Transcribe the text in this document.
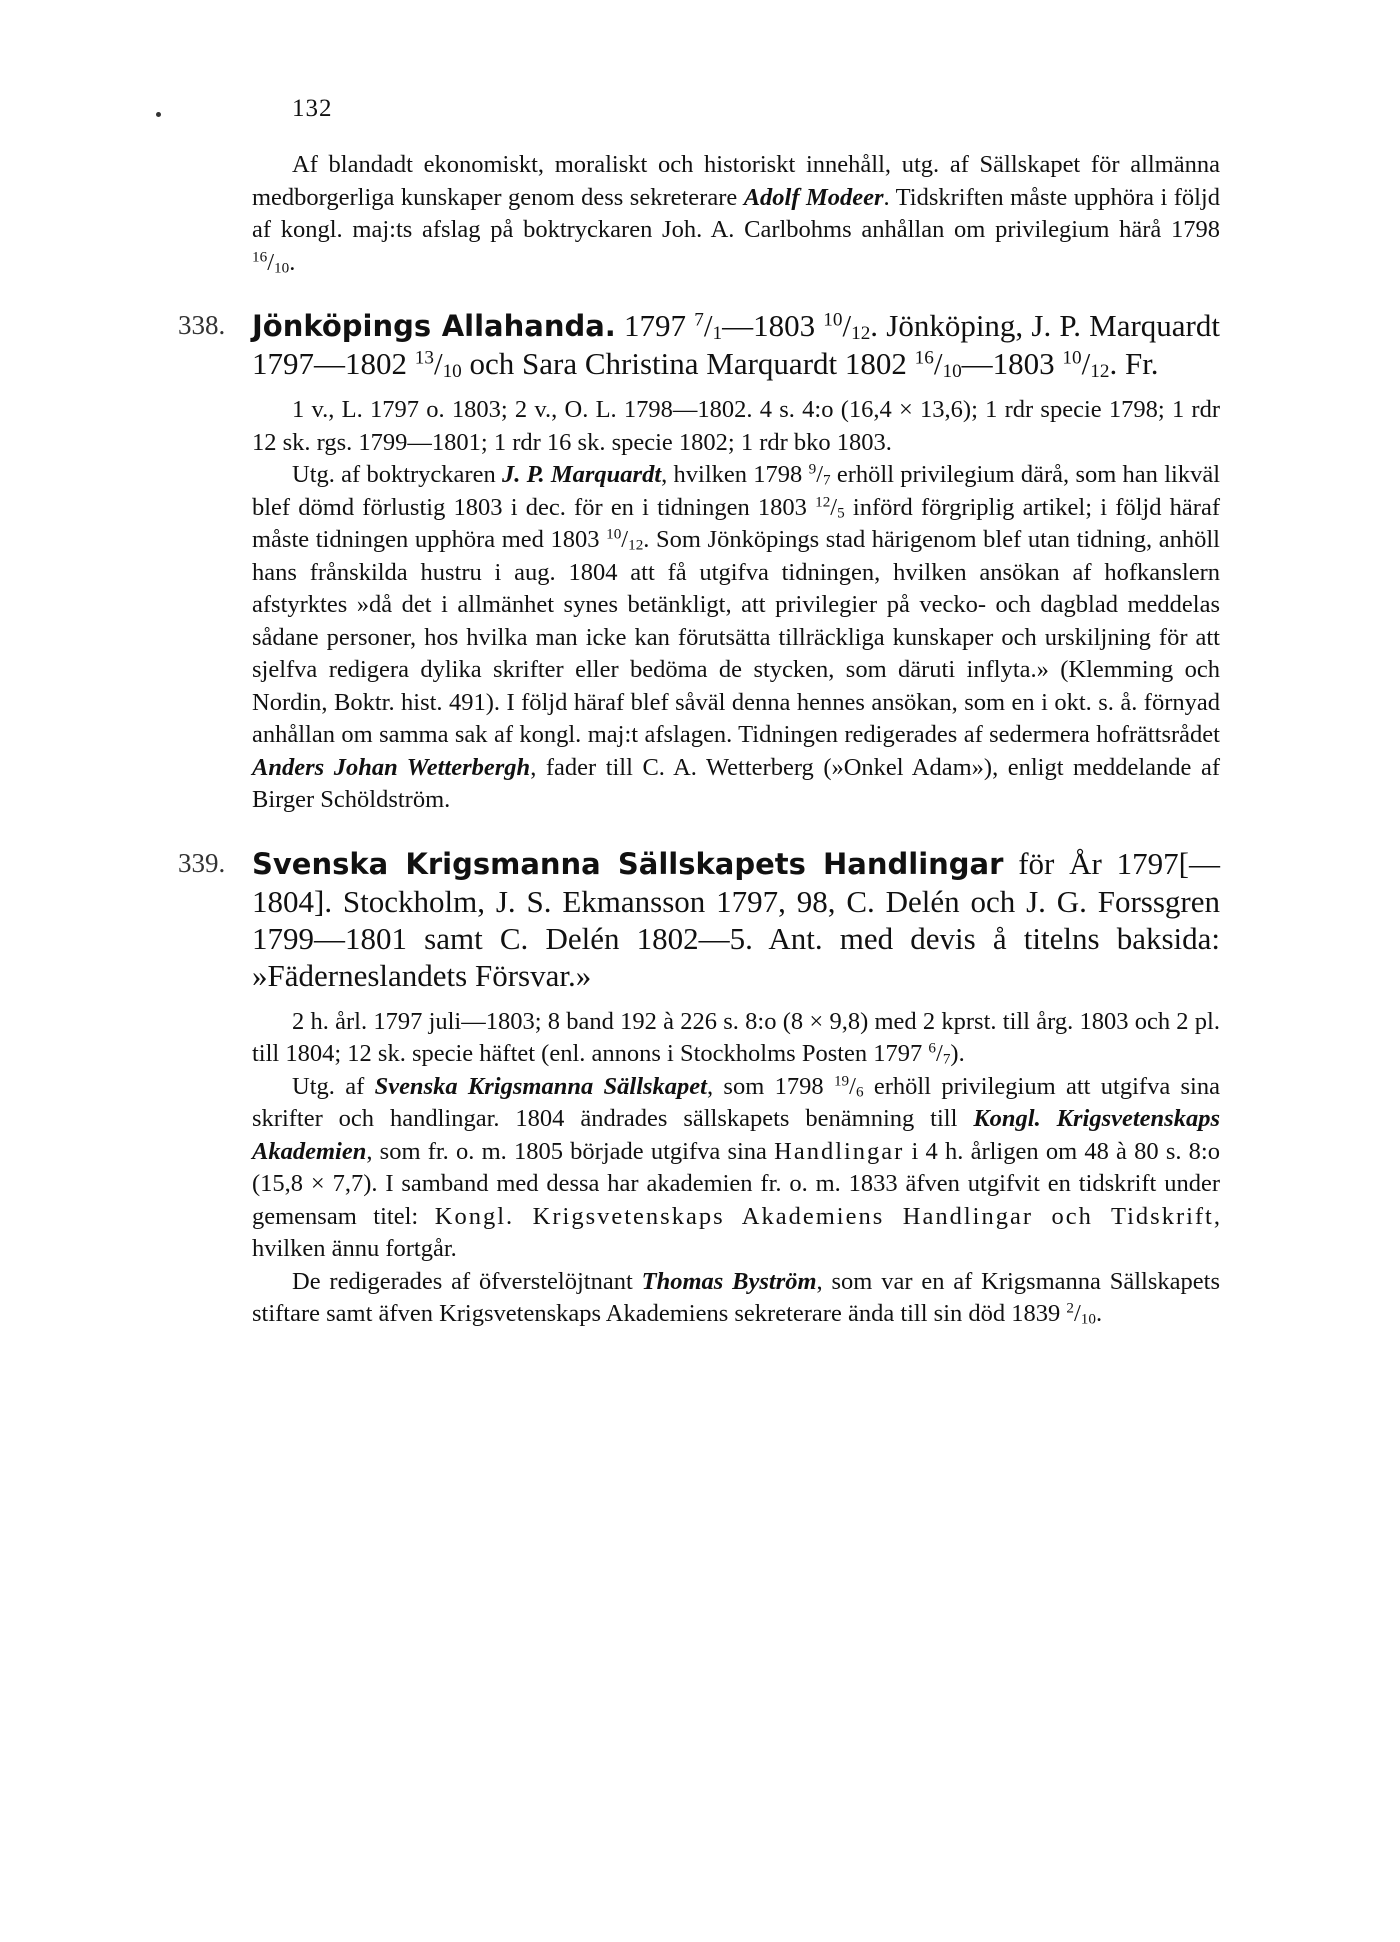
132

Af blandadt ekonomiskt, moraliskt och historiskt innehåll, utg. af Sällskapet för allmänna medborgerliga kunskaper genom dess sekreterare Adolf Modeer. Tidskriften måste upphöra i följd af kongl. maj:ts afslag på boktryckaren Joh. A. Carlbohms anhållan om privilegium härå 1798 $^{16}/_{10}$.

338. Jönköpings Allahanda. 1797 $^7/_1—1803$ $^{10}/_{12}$. Jönköping, J. P. Marquardt 1797—1802 $^{13}/_{10}$ och Sara Christina Marquardt 1802 $^{16}/_{10}—1803$ $^{10}/_{12}$. Fr.

1 v., L. 1797 o. 1803; 2 v., O. L. 1798—1802. 4 s. 4:o (16,4 × 13,6); 1 rdr specie 1798; 1 rdr 12 sk. rgs. 1799—1801; 1 rdr 16 sk. specie 1802; 1 rdr bko 1803.

Utg. af boktryckaren J. P. Marquardt, hvilken 1798 $^9/_7$ erhöll privilegium därå, som han likväl blef dömd förlustig 1803 i dec. för en i tidningen 1803 $^{12}/_5$ införd förgriplig artikel; i följd häraf måste tidningen upphöra med 1803 $^{10}/_{12}$. Som Jönköpings stad härigenom blef utan tidning, anhöll hans frånskilda hustru i aug. 1804 att få utgifva tidningen, hvilken ansökan af hofkanslern afstyrktes »då det i allmänhet synes betänkligt, att privilegier på vecko- och dagblad meddelas sådane personer, hos hvilka man icke kan förutsätta tillräckliga kunskaper och urskiljning för att sjelfva redigera dylika skrifter eller bedöma de stycken, som däruti inflyta.» (Klemming och Nordin, Boktr. hist. 491). I följd häraf blef såväl denna hennes ansökan, som en i okt. s. å. förnyad anhållan om samma sak af kongl. maj:t afslagen. Tidningen redigerades af sedermera hofrättsrådet Anders Johan Wetterbergh, fader till C. A. Wetterberg (»Onkel Adam»), enligt meddelande af Birger Schöldström.

339. Svenska Krigsmanna Sällskapets Handlingar för År 1797[—1804]. Stockholm, J. S. Ekmansson 1797, 98, C. Delén och J. G. Forssgren 1799—1801 samt C. Delén 1802—5. Ant. med devis å titelns baksida: »Fäderneslandets Försvar.»

2 h. årl. 1797 juli—1803; 8 band 192 à 226 s. 8:o (8 × 9,8) med 2 kprst. till årg. 1803 och 2 pl. till 1804; 12 sk. specie häftet (enl. annons i Stockholms Posten 1797 $^6/_7$).

Utg. af Svenska Krigsmanna Sällskapet, som 1798 $^{19}/_6$ erhöll privilegium att utgifva sina skrifter och handlingar. 1804 ändrades sällskapets benämning till Kongl. Krigsvetenskaps Akademien, som fr. o. m. 1805 började utgifva sina Handlingar i 4 h. årligen om 48 à 80 s. 8:o (15,8 × 7,7). I samband med dessa har akademien fr. o. m. 1833 äfven utgifvit en tidskrift under gemensam titel: Kongl. Krigsvetenskaps Akademiens Handlingar och Tidskrift, hvilken ännu fortgår.

De redigerades af öfverstelöjtnant Thomas Byström, som var en af Krigsmanna Sällskapets stiftare samt äfven Krigsvetenskaps Akademiens sekreterare ända till sin död 1839 $^2/_{10}$.
